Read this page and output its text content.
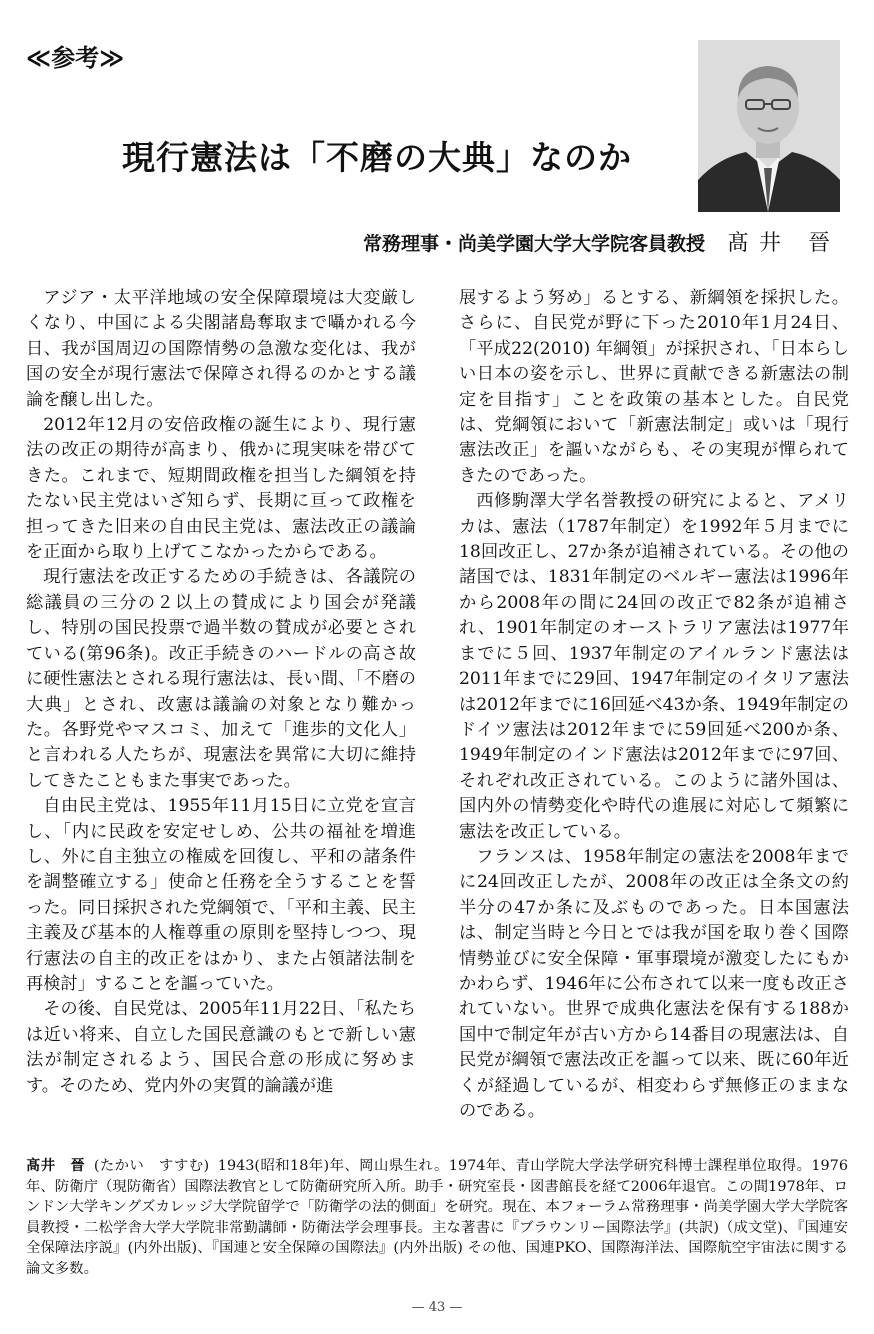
≪参考≫
現行憲法は「不磨の大典」なのか
常務理事・尚美学園大学大学院客員教授 髙井 晉

アジア・太平洋地域の安全保障環境は大変厳しくなり、中国による尖閣諸島奪取まで囁かれる今日、我が国周辺の国際情勢の急激な変化は、我が国の安全が現行憲法で保障され得るのかとする議論を醸し出した。

2012年12月の安倍政権の誕生により、現行憲法の改正の期待が高まり、俄かに現実味を帯びてきた。これまで、短期間政権を担当した綱領を持たない民主党はいざ知らず、長期に亘って政権を担ってきた旧来の自由民主党は、憲法改正の議論を正面から取り上げてこなかったからである。

現行憲法を改正するための手続きは、各議院の総議員の三分の２以上の賛成により国会が発議し、特別の国民投票で過半数の賛成が必要とされている(第96条)。改正手続きのハードルの高さ故に硬性憲法とされる現行憲法は、長い間、「不磨の大典」とされ、改憲は議論の対象となり難かった。各野党やマスコミ、加えて「進歩的文化人」と言われる人たちが、現憲法を異常に大切に維持してきたこともまた事実であった。

自由民主党は、1955年11月15日に立党を宣言し、「内に民政を安定せしめ、公共の福祉を増進し、外に自主独立の権威を回復し、平和の諸条件を調整確立する」使命と任務を全うすることを誓った。同日採択された党綱領で、「平和主義、民主主義及び基本的人権尊重の原則を堅持しつつ、現行憲法の自主的改正をはかり、また占領諸法制を再検討」することを謳っていた。

その後、自民党は、2005年11月22日、「私たちは近い将来、自立した国民意識のもとで新しい憲法が制定されるよう、国民合意の形成に努めます。そのため、党内外の実質的論議が進

展するよう努め」るとする、新綱領を採択した。さらに、自民党が野に下った2010年1月24日、「平成22(2010) 年綱領」が採択され、「日本らしい日本の姿を示し、世界に貢献できる新憲法の制定を目指す」ことを政策の基本とした。自民党は、党綱領において「新憲法制定」或いは「現行憲法改正」を謳いながらも、その実現が憚られてきたのであった。

西修駒澤大学名誉教授の研究によると、アメリカは、憲法（1787年制定）を1992年５月までに18回改正し、27か条が追補されている。その他の諸国では、1831年制定のベルギー憲法は1996年から2008年の間に24回の改正で82条が追補され、1901年制定のオーストラリア憲法は1977年までに５回、1937年制定のアイルランド憲法は2011年までに29回、1947年制定のイタリア憲法は2012年までに16回延べ43か条、1949年制定のドイツ憲法は2012年までに59回延べ200か条、1949年制定のインド憲法は2012年までに97回、それぞれ改正されている。このように諸外国は、国内外の情勢変化や時代の進展に対応して頻繁に憲法を改正している。

フランスは、1958年制定の憲法を2008年までに24回改正したが、2008年の改正は全条文の約半分の47か条に及ぶものであった。日本国憲法は、制定当時と今日とでは我が国を取り巻く国際情勢並びに安全保障・軍事環境が激変したにもかかわらず、1946年に公布されて以来一度も改正されていない。世界で成典化憲法を保有する188か国中で制定年が古い方から14番目の現憲法は、自民党が綱領で憲法改正を謳って以来、既に60年近くが経過しているが、相変わらず無修正のままなのである。

髙井　晉 (たかい　すすむ) 1943(昭和18年)年、岡山県生れ。1974年、青山学院大学法学研究科博士課程単位取得。1976年、防衛庁（現防衛省）国際法教官として防衛研究所入所。助手・研究室長・図書館長を経て2006年退官。この間1978年、ロンドン大学キングズカレッジ大学院留学で「防衛学の法的側面」を研究。現在、本フォーラム常務理事・尚美学園大学大学院客員教授・二松学舎大学大学院非常勤講師・防衛法学会理事長。主な著書に『ブラウンリー国際法学』(共訳)（成文堂)、『国連安全保障法序説』(内外出版)、『国連と安全保障の国際法』(内外出版) その他、国連PKO、国際海洋法、国際航空宇宙法に関する論文多数。
— 43 —
